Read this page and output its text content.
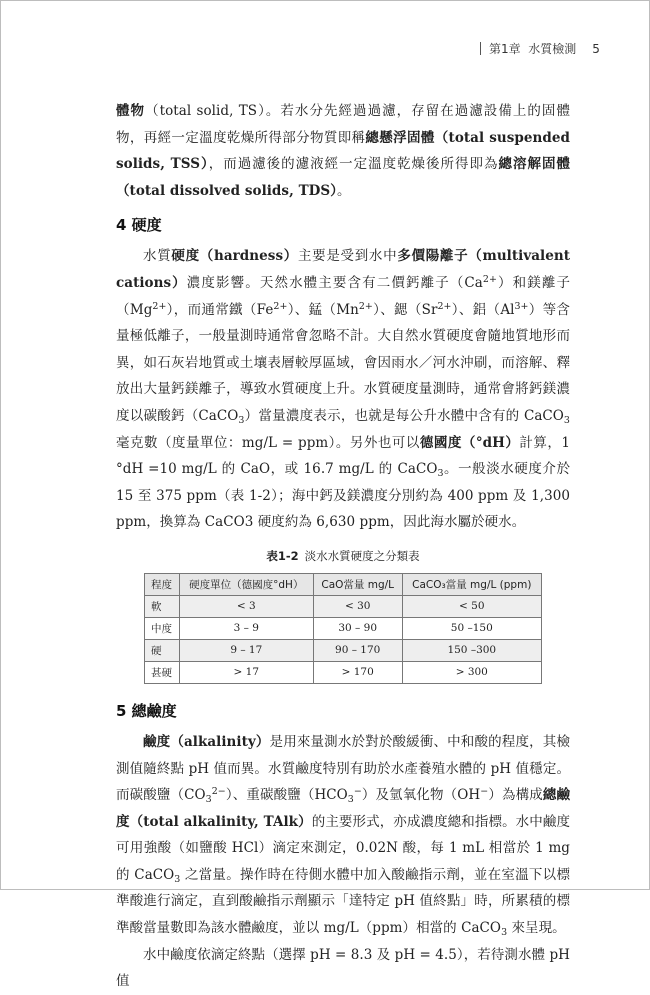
第1章 水質檢測 5

體物（total solid, TS）。若水分先經過過濾，存留在過濾設備上的固體物，再經一定溫度乾燥所得部分物質即稱總懸浮固體（total suspended solids, TSS），而過濾後的濾液經一定溫度乾燥後所得即為總溶解固體（total dissolved solids, TDS）。

4 硬度

水質硬度（hardness）主要是受到水中多價陽離子（multivalent cations）濃度影響。天然水體主要含有二價鈣離子$(Ca^{2+})$和鎂離子$(Mg^{2+})$，而通常鐵$(Fe^{2+})$、錳$(Mn^{2+})$、鍶$(Sr^{2+})$、鋁$(Al^{3+})$等含量極低離子，一般量測時通常會忽略不計。大自然水質硬度會隨地質地形而異，如石灰岩地質或土壤表層較厚區域，會因雨水／河水沖刷，而溶解、釋放出大量鈣鎂離子，導致水質硬度上升。水質硬度量測時，通常會將鈣鎂濃度以碳酸鈣（CaCO$_3$）當量濃度表示，也就是每公升水體中含有的 CaCO$_3$ 毫克數（度量單位：mg/L = ppm）。另外也可以德國度（°dH）計算，1 °dH =10 mg/L 的 CaO，或 16.7 mg/L 的 CaCO$_3$。一般淡水硬度介於 15 至 375 ppm（表 1-2）；海中鈣及鎂濃度分別約為 400 ppm 及 1,300 ppm，換算為 CaCO3 硬度約為 6,630 ppm，因此海水屬於硬水。

表1-2 淡水水質硬度之分類表
程度	硬度單位（德國度°dH）	CaO當量 mg/L	CaCO₃當量 mg/L (ppm)
軟	< 3	< 30	< 50
中度	3 – 9	30 – 90	50 –150
硬	9 – 17	90 – 170	150 –300
甚硬	> 17	> 170	> 300
5 總鹼度

鹼度（alkalinity）是用來量測水於對於酸緩衝、中和酸的程度，其檢測值隨終點 pH 值而異。水質鹼度特別有助於水產養殖水體的 pH 值穩定。而碳酸鹽$(CO_3^{2-})$、重碳酸鹽$(HCO_3^-)$及氫氧化物（OH−）為構成總鹼度（total alkalinity, TAlk）的主要形式，亦成濃度總和指標。水中鹼度可用強酸（如鹽酸 HCl）滴定來測定，0.02N 酸，每 1 mL 相當於 1 mg 的 CaCO$_3$ 之當量。操作時在待側水體中加入酸鹼指示劑，並在室溫下以標準酸進行滴定，直到酸鹼指示劑顯示「達特定 pH 值終點」時，所累積的標準酸當量數即為該水體鹼度，並以 mg/L（ppm）相當的 CaCO$_3$ 來呈現。

水中鹼度依滴定終點（選擇 pH = 8.3 及 pH = 4.5），若待測水體 pH 值
